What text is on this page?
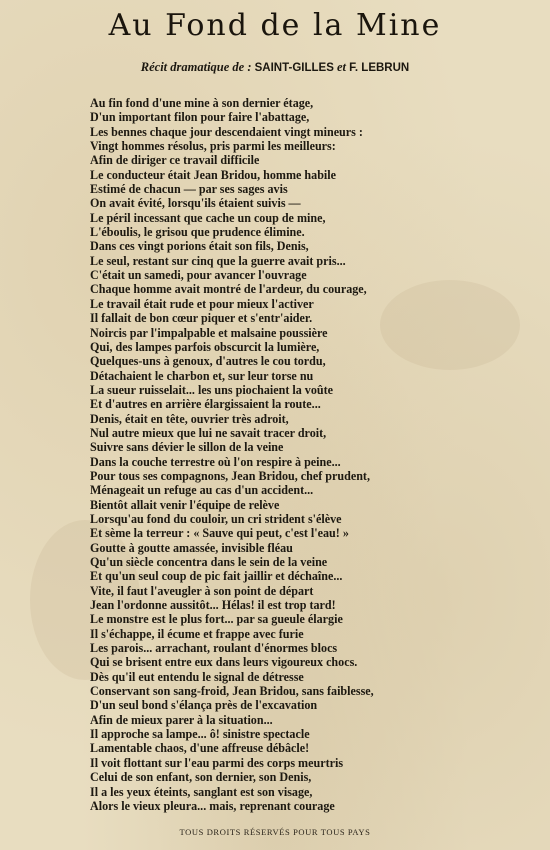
Au Fond de la Mine
Récit dramatique de : SAINT-GILLES et F. LEBRUN
Au fin fond d'une mine à son dernier étage,
D'un important filon pour faire l'abattage,
Les bennes chaque jour descendaient vingt mineurs :
Vingt hommes résolus, pris parmi les meilleurs:
Afin de diriger ce travail difficile
Le conducteur était Jean Bridou, homme habile
Estimé de chacun — par ses sages avis
On avait évité, lorsqu'ils étaient suivis —
Le péril incessant que cache un coup de mine,
L'éboulis, le grisou que prudence élimine.
Dans ces vingt porions était son fils, Denis,
Le seul, restant sur cinq que la guerre avait pris...
C'était un samedi, pour avancer l'ouvrage
Chaque homme avait montré de l'ardeur, du courage,
Le travail était rude et pour mieux l'activer
Il fallait de bon cœur piquer et s'entr'aider.
Noircis par l'impalpable et malsaine poussière
Qui, des lampes parfois obscurcit la lumière,
Quelques-uns à genoux, d'autres le cou tordu,
Détachaient le charbon et, sur leur torse nu
La sueur ruisselait... les uns piochaient la voûte
Et d'autres en arrière élargissaient la route...
Denis, était en tête, ouvrier très adroit,
Nul autre mieux que lui ne savait tracer droit,
Suivre sans dévier le sillon de la veine
Dans la couche terrestre où l'on respire à peine...
Pour tous ses compagnons, Jean Bridou, chef prudent,
Ménageait un refuge au cas d'un accident...
Bientôt allait venir l'équipe de relève
Lorsqu'au fond du couloir, un cri strident s'élève
Et sème la terreur : « Sauve qui peut, c'est l'eau! »
Goutte à goutte amassée, invisible fléau
Qu'un siècle concentra dans le sein de la veine
Et qu'un seul coup de pic fait jaillir et déchaîne...
Vite, il faut l'aveugler à son point de départ
Jean l'ordonne aussitôt... Hélas! il est trop tard!
Le monstre est le plus fort... par sa gueule élargie
Il s'échappe, il écume et frappe avec furie
Les parois... arrachant, roulant d'énormes blocs
Qui se brisent entre eux dans leurs vigoureux chocs.
Dès qu'il eut entendu le signal de détresse
Conservant son sang-froid, Jean Bridou, sans faiblesse,
D'un seul bond s'élança près de l'excavation
Afin de mieux parer à la situation...
Il approche sa lampe... ô! sinistre spectacle
Lamentable chaos, d'une affreuse débâcle!
Il voit flottant sur l'eau parmi des corps meurtris
Celui de son enfant, son dernier, son Denis,
Il a les yeux éteints, sanglant est son visage,
Alors le vieux pleura... mais, reprenant courage
TOUS DROITS RÉSERVÉS POUR TOUS PAYS
